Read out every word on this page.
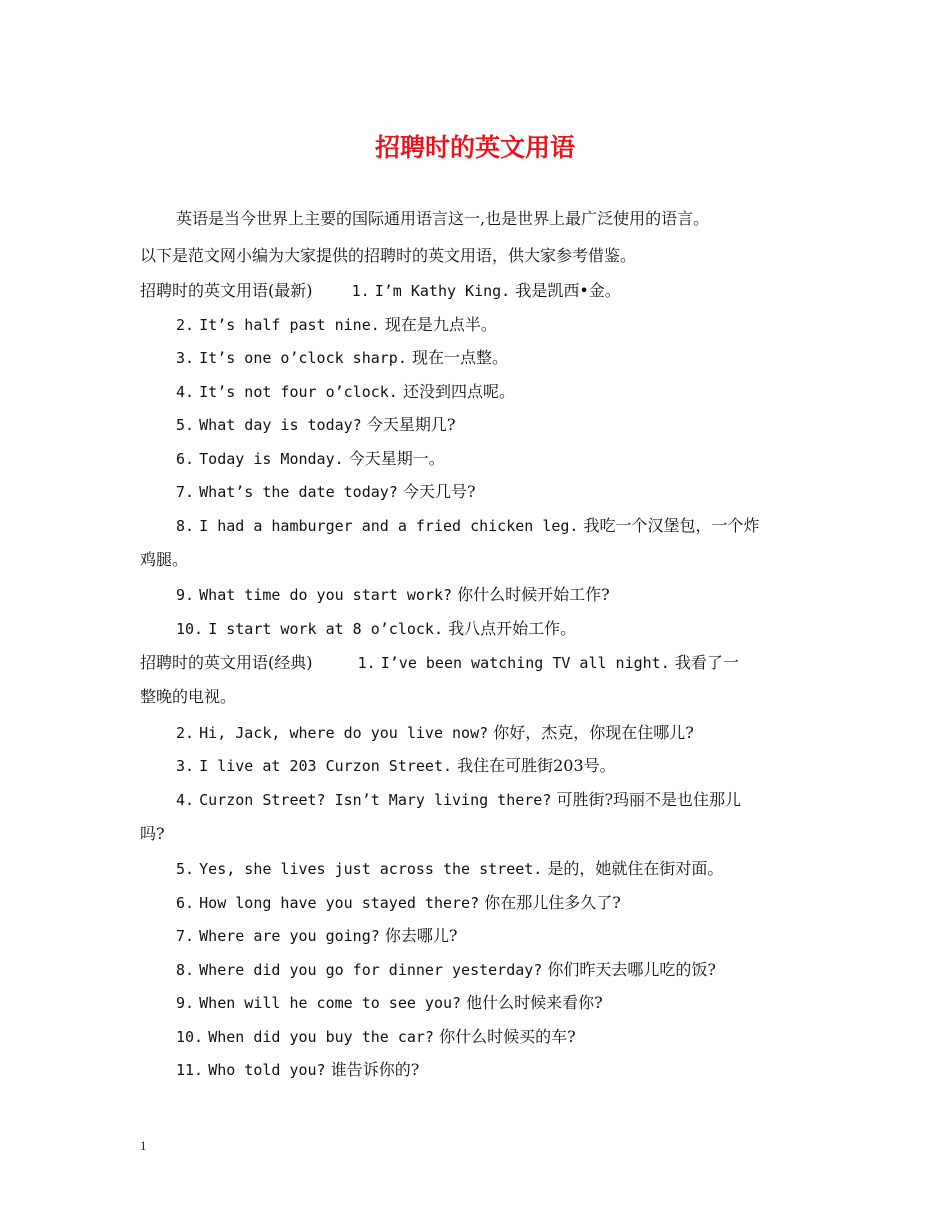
招聘时的英文用语
英语是当今世界上主要的国际通用语言这一,也是世界上最广泛使用的语言。
以下是范文网小编为大家提供的招聘时的英文用语，供大家参考借鉴。
招聘时的英文用语(最新)	1. I’m Kathy King. 我是凯西•金。
2. It’s half past nine. 现在是九点半。
3. It’s one o’clock sharp. 现在一点整。
4. It’s not four o’clock. 还没到四点呢。
5. What day is today? 今天星期几?
6. Today is Monday. 今天星期一。
7. What’s the date today? 今天几号?
8. I had a hamburger and a fried chicken leg. 我吃一个汉堡包，一个炸
鸡腿。
9. What time do you start work? 你什么时候开始工作?
10. I start work at 8 o’clock. 我八点开始工作。
招聘时的英文用语(经典)	1. I’ve been watching TV all night. 我看了一
整晚的电视。
2. Hi, Jack, where do you live now? 你好，杰克，你现在住哪儿?
3. I live at 203 Curzon Street. 我住在可胜街203号。
4. Curzon Street? Isn’t Mary living there? 可胜街?玛丽不是也住那儿
吗?
5. Yes, she lives just across the street. 是的，她就住在街对面。
6. How long have you stayed there? 你在那儿住多久了?
7. Where are you going? 你去哪儿?
8. Where did you go for dinner yesterday? 你们昨天去哪儿吃的饭?
9. When will he come to see you? 他什么时候来看你?
10. When did you buy the car? 你什么时候买的车?
11. Who told you? 谁告诉你的?
1
